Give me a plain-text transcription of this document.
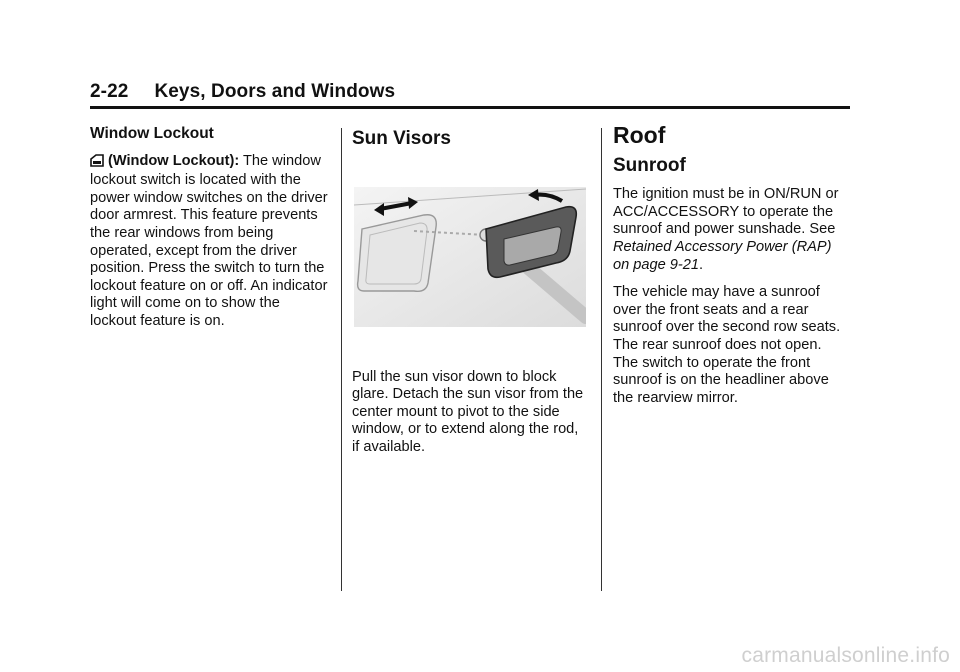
2-22 Keys, Doors and Windows
Window Lockout

(Window Lockout): The window lockout switch is located with the power window switches on the driver door armrest. This feature prevents the rear windows from being operated, except from the driver position. Press the switch to turn the lockout feature on or off. An indicator light will come on to show the lockout feature is on.

Sun Visors

Pull the sun visor down to block glare. Detach the sun visor from the center mount to pivot to the side window, or to extend along the rod, if available.

Roof
Sunroof

The ignition must be in ON/RUN or ACC/ACCESSORY to operate the sunroof and power sunshade. See Retained Accessory Power (RAP) on page 9-21.

The vehicle may have a sunroof over the front seats and a rear sunroof over the second row seats. The rear sunroof does not open. The switch to operate the front sunroof is on the headliner above the rearview mirror.

carmanualsonline.info
